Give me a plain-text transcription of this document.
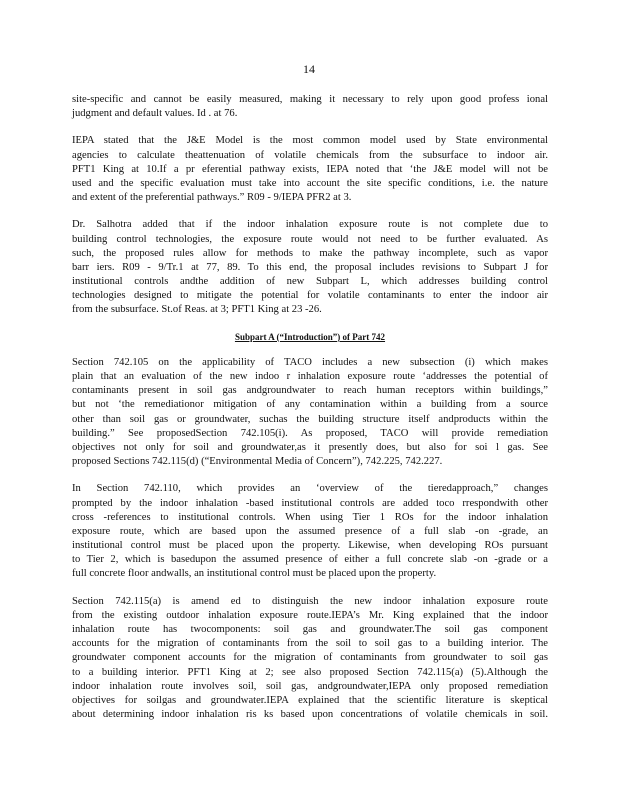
14
site-specific and cannot be easily measured, making it necessary to rely upon good profess ional
judgment and default values. Id . at 76.
IEPA stated that the J&E Model is the most common model used by State environmental
agencies to calculate theattenuation of volatile chemicals from the subsurface to indoor air.
PFT1 King at 10.If a pr eferential pathway exists, IEPA noted that ‘the J&E model will not be
used and the specific evaluation must take into account the site specific conditions, i.e. the nature
and extent of the preferential pathways.” R09 - 9/IEPA PFR2 at 3.
Dr. Salhotra added that if the indoor inhalation exposure route is not complete due to
building control technologies, the exposure route would not need to be further evaluated. As
such, the proposed rules allow for methods to make the pathway incomplete, such as vapor
barr iers. R09 - 9/Tr.1 at 77, 89. To this end, the proposal includes revisions to Subpart J for
institutional controls andthe addition of new Subpart L, which addresses building control
technologies designed to mitigate the potential for volatile contaminants to enter the indoor air
from the subsurface. St.of Reas. at 3; PFT1 King at 23 -26.
Subpart A (“Introduction”) of Part 742
Section 742.105 on the applicability of TACO includes a new subsection (i) which makes
plain that an evaluation of the new indoo r inhalation exposure route ‘addresses the potential of
contaminants present in soil gas andgroundwater to reach human receptors within buildings,”
but not ‘the remediationor mitigation of any contamination within a building from a source
other than soil gas or groundwater, suchas the building structure itself andproducts within the
building.” See proposedSection 742.105(i). As proposed, TACO will provide remediation
objectives not only for soil and groundwater,as it presently does, but also for soi l gas. See
proposed Sections 742.115(d) (“Environmental Media of Concern”), 742.225, 742.227.
In Section 742.110, which provides an ‘overview of the tieredapproach,” changes
prompted by the indoor inhalation -based institutional controls are added toco rrespondwith other
cross -references to institutional controls. When using Tier 1 ROs for the indoor inhalation
exposure route, which are based upon the assumed presence of a full slab -on -grade, an
institutional control must be placed upon the property. Likewise, when developing ROs pursuant
to Tier 2, which is basedupon the assumed presence of either a full concrete slab -on -grade or a
full concrete floor andwalls, an institutional control must be placed upon the property.
Section 742.115(a) is amend ed to distinguish the new indoor inhalation exposure route
from the existing outdoor inhalation exposure route.IEPA’s Mr. King explained that the indoor
inhalation route has twocomponents: soil gas and groundwater.The soil gas component
accounts for the migration of contaminants from the soil to soil gas to a building interior. The
groundwater component accounts for the migration of contaminants from groundwater to soil gas
to a building interior. PFT1 King at 2; see also proposed Section 742.115(a) (5).Although the
indoor inhalation route involves soil, soil gas, andgroundwater,IEPA only proposed remediation
objectives for soilgas and groundwater.IEPA explained that the scientific literature is skeptical
about determining indoor inhalation ris ks based upon concentrations of volatile chemicals in soil.
